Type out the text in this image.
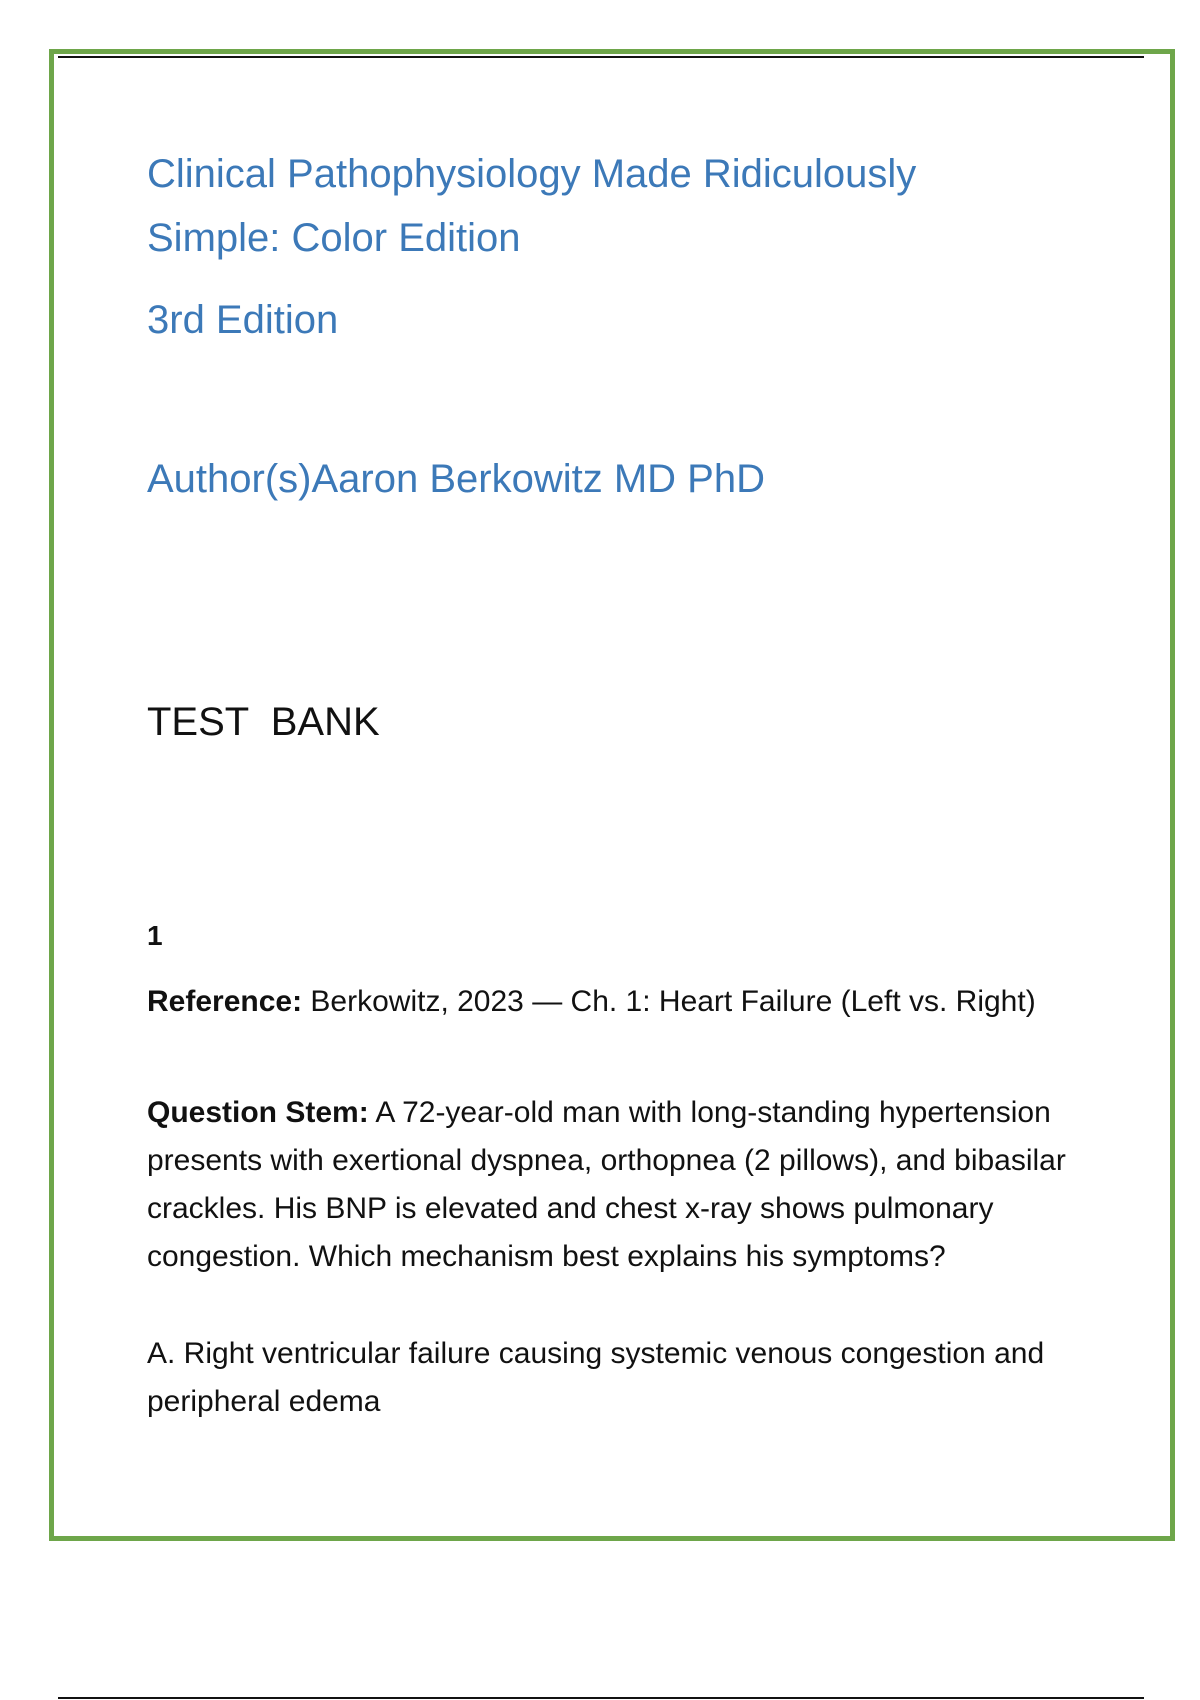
Clinical Pathophysiology Made Ridiculously

Simple: Color Edition

3rd Edition

Author(s)Aaron Berkowitz MD PhD

TEST  BANK

1

Reference: Berkowitz, 2023 — Ch. 1: Heart Failure (Left vs. Right)

Question Stem: A 72-year-old man with long-standing hypertension presents with exertional dyspnea, orthopnea (2 pillows), and bibasilar crackles. His BNP is elevated and chest x-ray shows pulmonary congestion. Which mechanism best explains his symptoms?

A. Right ventricular failure causing systemic venous congestion and peripheral edema
